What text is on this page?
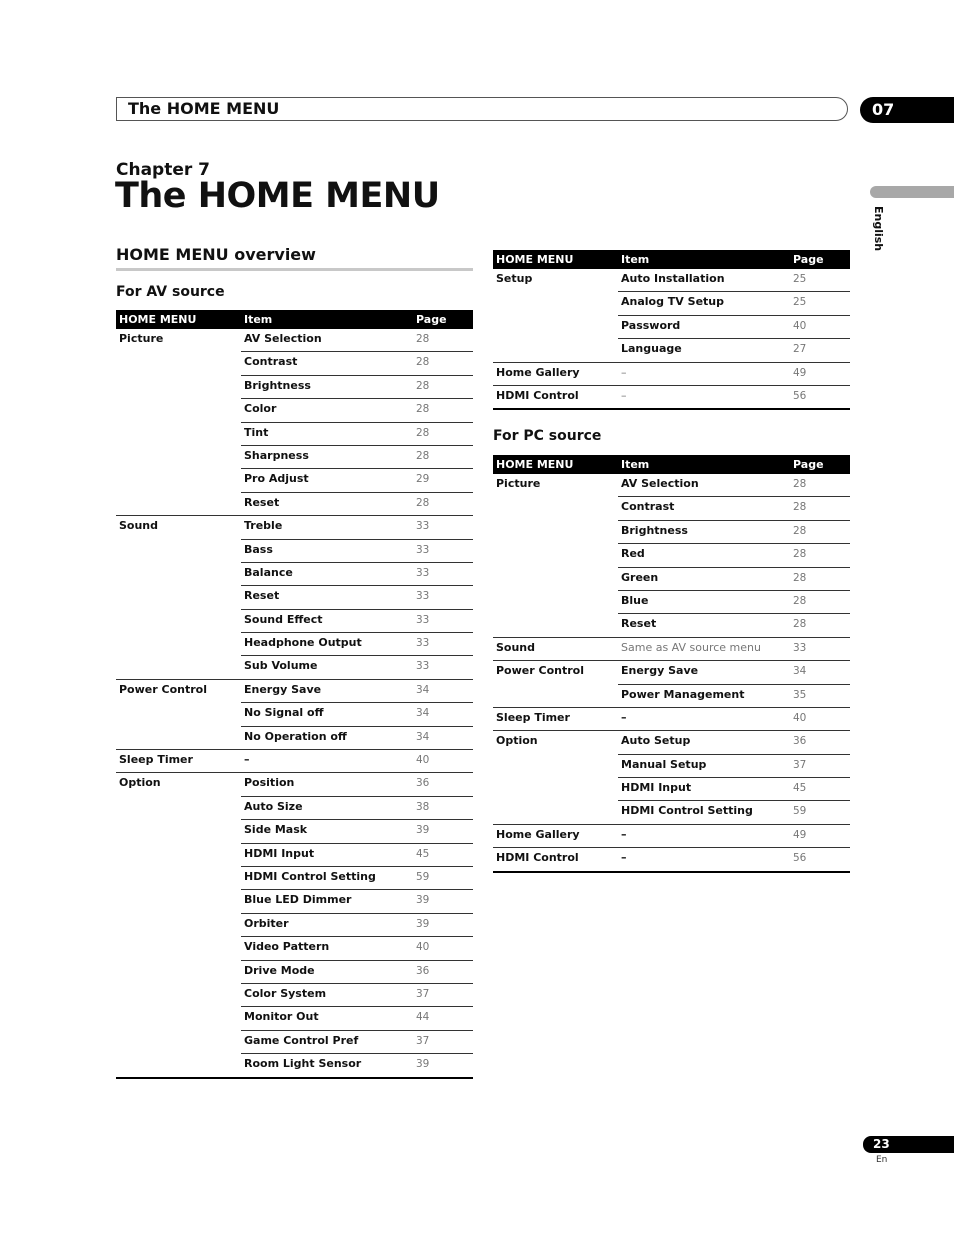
The HOME MENU	07
English
Chapter 7
The HOME MENU
HOME MENU overview
For AV source
HOME MENU	Item	Page
Picture	AV Selection	28
	Contrast	28
	Brightness	28
	Color	28
	Tint	28
	Sharpness	28
	Pro Adjust	29
	Reset	28
Sound	Treble	33
	Bass	33
	Balance	33
	Reset	33
	Sound Effect	33
	Headphone Output	33
	Sub Volume	33
Power Control	Energy Save	34
	No Signal off	34
	No Operation off	34
Sleep Timer	–	40
Option	Position	36
	Auto Size	38
	Side Mask	39
	HDMI Input	45
	HDMI Control Setting	59
	Blue LED Dimmer	39
	Orbiter	39
	Video Pattern	40
	Drive Mode	36
	Color System	37
	Monitor Out	44
	Game Control Pref	37
	Room Light Sensor	39
HOME MENU	Item	Page
Setup	Auto Installation	25
	Analog TV Setup	25
	Password	40
	Language	27
Home Gallery	–	49
HDMI Control	–	56
For PC source
HOME MENU	Item	Page
Picture	AV Selection	28
	Contrast	28
	Brightness	28
	Red	28
	Green	28
	Blue	28
	Reset	28
Sound	Same as AV source menu	33
Power Control	Energy Save	34
	Power Management	35
Sleep Timer	–	40
Option	Auto Setup	36
	Manual Setup	37
	HDMI Input	45
	HDMI Control Setting	59
Home Gallery	–	49
HDMI Control	–	56
23
En
